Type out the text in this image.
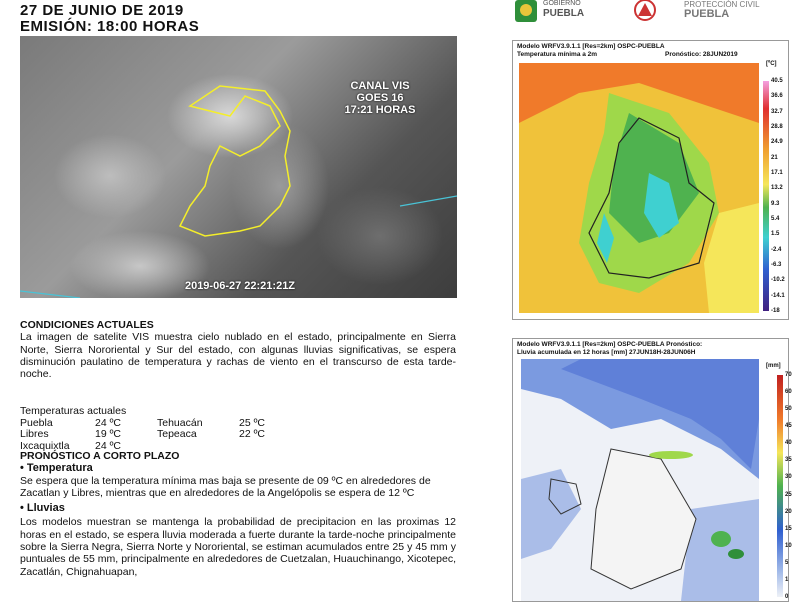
27 DE JUNIO DE 2019
EMISIÓN: 18:00 HORAS
CANAL VIS
GOES 16
17:21 HORAS
2019-06-27 22:21:21Z
GOBIERNO
PUEBLA
PROTECCIÓN CIVIL
PUEBLA
Modelo WRFV3.9.1.1 [Res=2km] OSPC-PUEBLA
Temperatura mínima a 2m	Pronóstico: 28JUN2019
40.5
36.6
32.7
28.8
24.9
21
17.1
13.2
9.3
5.4
1.5
-2.4
-6.3
-10.2
-14.1
-18
[ºC]
Modelo WRFV3.9.1.1 [Res=2km] OSPC-PUEBLA Pronóstico:
Lluvia acumulada en 12 horas [mm] 27JUN18H-28JUN06H
70
60
50
45
40
35
30
25
20
15
10
5
1
0
[mm]
CONDICIONES ACTUALES
La imagen de satelite VIS muestra cielo nublado en el estado, principalmente en Sierra Norte, Sierra Nororiental y Sur del estado, con algunas lluvias significativas, se espera disminución paulatino de temperatura y rachas de viento en el transcurso de esta tarde-noche.
Temperaturas actuales
Puebla	24 ºC	Tehuacán	25 ºC
Libres	19 ºC	Tepeaca	22 ºC
Ixcaquixtla 24 ºC
PRONÓSTICO A CORTO PLAZO
• Temperatura
Se espera que la temperatura mínima mas baja se presente de 09 ºC en alrededores de Zacatlan y Libres, mientras que en alrededores de la Angelópolis se espera de 12 ºC
• Lluvias
Los modelos muestran se mantenga la probabilidad de precipitacion en las proximas 12 horas en el estado, se espera lluvia moderada a fuerte durante la tarde-noche principalmente sobre la Sierra Negra, Sierra Norte y Nororiental, se estiman acumulados entre 25 y 45 mm y puntuales de 55 mm, principalmente en alrededores de Cuetzalan, Huauchinango, Xicotepec, Zacatlán, Chignahuapan,
